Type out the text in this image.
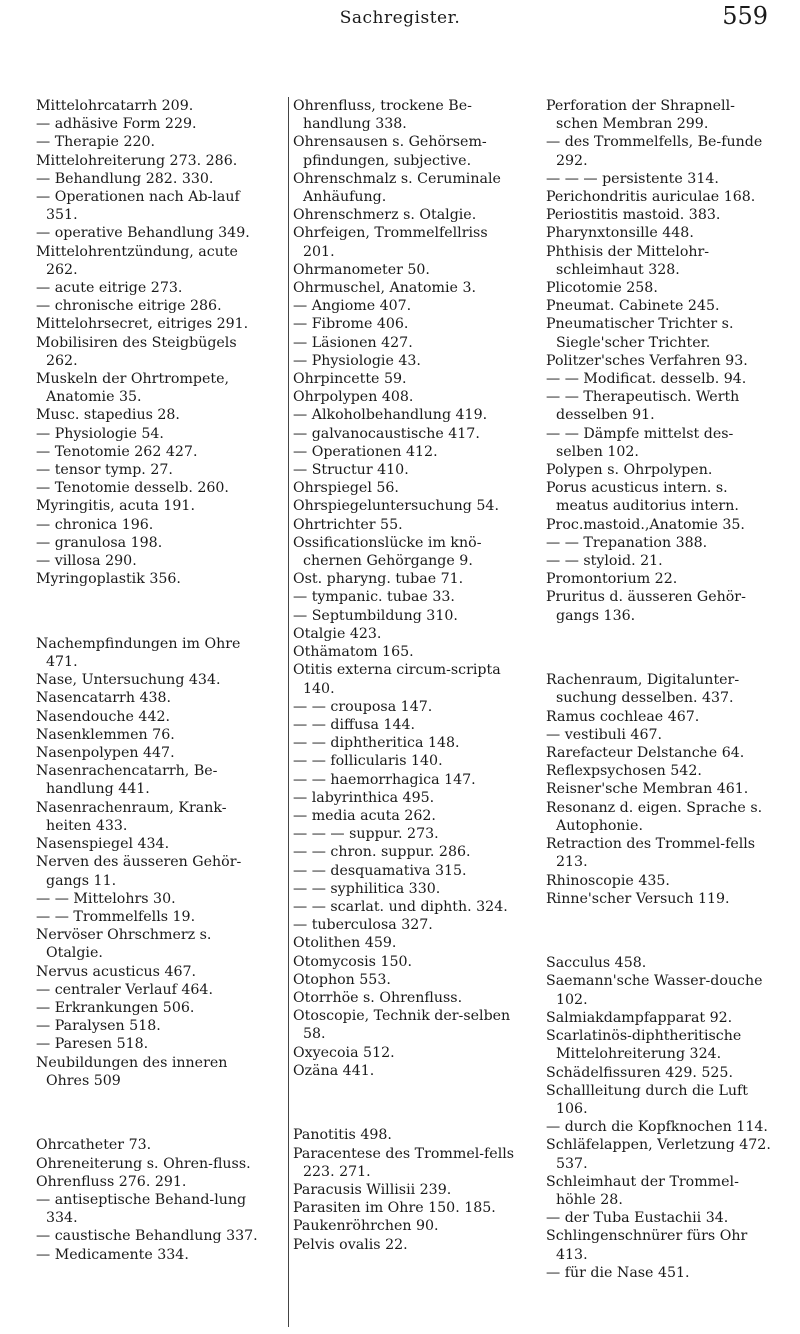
Sachregister.	559

Mittelohrcatarrh 209.

— adhäsive Form 229.

— Therapie 220.

Mittelohreiterung 273. 286.

— Behandlung 282. 330.

— Operationen nach Ab-lauf 351.

— operative Behandlung 349.

Mittelohrentzündung, acute 262.

— acute eitrige 273.

— chronische eitrige 286.

Mittelohrsecret, eitriges 291.

Mobilisiren des Steigbügels 262.

Muskeln der Ohrtrompete, Anatomie 35.

Musc. stapedius 28.

— Physiologie 54.

— Tenotomie 262 427.

— tensor tymp. 27.

— Tenotomie desselb. 260.

Myringitis, acuta 191.

— chronica 196.

— granulosa 198.

— villosa 290.

Myringoplastik 356.

Nachempfindungen im Ohre 471.

Nase, Untersuchung 434.

Nasencatarrh 438.

Nasendouche 442.

Nasenklemmen 76.

Nasenpolypen 447.

Nasenrachencatarrh, Be-handlung 441.

Nasenrachenraum, Krank-heiten 433.

Nasenspiegel 434.

Nerven des äusseren Gehör-gangs 11.

— — Mittelohrs 30.

— — Trommelfells 19.

Nervöser Ohrschmerz s. Otalgie.

Nervus acusticus 467.

— centraler Verlauf 464.

— Erkrankungen 506.

— Paralysen 518.

— Paresen 518.

Neubildungen des inneren Ohres 509

Ohrcatheter 73.

Ohreneiterung s. Ohren-fluss.

Ohrenfluss 276. 291.

— antiseptische Behand-lung 334.

— caustische Behandlung 337.

— Medicamente 334.

Ohrenfluss, trockene Be-handlung 338.

Ohrensausen s. Gehörsem-pfindungen, subjective.

Ohrenschmalz s. Ceruminale Anhäufung.

Ohrenschmerz s. Otalgie.

Ohrfeigen, Trommelfellriss 201.

Ohrmanometer 50.

Ohrmuschel, Anatomie 3.

— Angiome 407.

— Fibrome 406.

— Läsionen 427.

— Physiologie 43.

Ohrpincette 59.

Ohrpolypen 408.

— Alkoholbehandlung 419.

— galvanocaustische 417.

— Operationen 412.

— Structur 410.

Ohrspiegel 56.

Ohrspiegeluntersuchung 54.

Ohrtrichter 55.

Ossificationslücke im knö-chernen Gehörgange 9.

Ost. pharyng. tubae 71.

— tympanic. tubae 33.

— Septumbildung 310.

Otalgie 423.

Othämatom 165.

Otitis externa circum-scripta 140.

— — crouposa 147.

— — diffusa 144.

— — diphtheritica 148.

— — follicularis 140.

— — haemorrhagica 147.

— labyrinthica 495.

— media acuta 262.

— — — suppur. 273.

— — chron. suppur. 286.

— — desquamativa 315.

— — syphilitica 330.

— — scarlat. und diphth. 324.

— tuberculosa 327.

Otolithen 459.

Otomycosis 150.

Otophon 553.

Otorrhöe s. Ohrenfluss.

Otoscopie, Technik der-selben 58.

Oxyecoia 512.

Ozäna 441.

Panotitis 498.

Paracentese des Trommel-fells 223. 271.

Paracusis Willisii 239.

Parasiten im Ohre 150. 185.

Paukenröhrchen 90.

Pelvis ovalis 22.

Perforation der Shrapnell-schen Membran 299.

— des Trommelfells, Be-funde 292.

— — — persistente 314.

Perichondritis auriculae 168.

Periostitis mastoid. 383.

Pharynxtonsille 448.

Phthisis der Mittelohr-schleimhaut 328.

Plicotomie 258.

Pneumat. Cabinete 245.

Pneumatischer Trichter s. Siegle'scher Trichter.

Politzer'sches Verfahren 93.

— — Modificat. desselb. 94.

— — Therapeutisch. Werth desselben 91.

— — Dämpfe mittelst des-selben 102.

Polypen s. Ohrpolypen.

Porus acusticus intern. s. meatus auditorius intern.

Proc.mastoid.,Anatomie 35.

— — Trepanation 388.

— — styloid. 21.

Promontorium 22.

Pruritus d. äusseren Gehör-gangs 136.

Rachenraum, Digitalunter-suchung desselben. 437.

Ramus cochleae 467.

— vestibuli 467.

Rarefacteur Delstanche 64.

Reflexpsychosen 542.

Reisner'sche Membran 461.

Resonanz d. eigen. Sprache s. Autophonie.

Retraction des Trommel-fells 213.

Rhinoscopie 435.

Rinne'scher Versuch 119.

Sacculus 458.

Saemann'sche Wasser-douche 102.

Salmiakdampfapparat 92.

Scarlatinös-diphtheritische Mittelohreiterung 324.

Schädelfissuren 429. 525.

Schallleitung durch die Luft 106.

— durch die Kopfknochen 114.

Schläfelappen, Verletzung 472. 537.

Schleimhaut der Trommel-höhle 28.

— der Tuba Eustachii 34.

Schlingenschnürer fürs Ohr 413.

— für die Nase 451.
